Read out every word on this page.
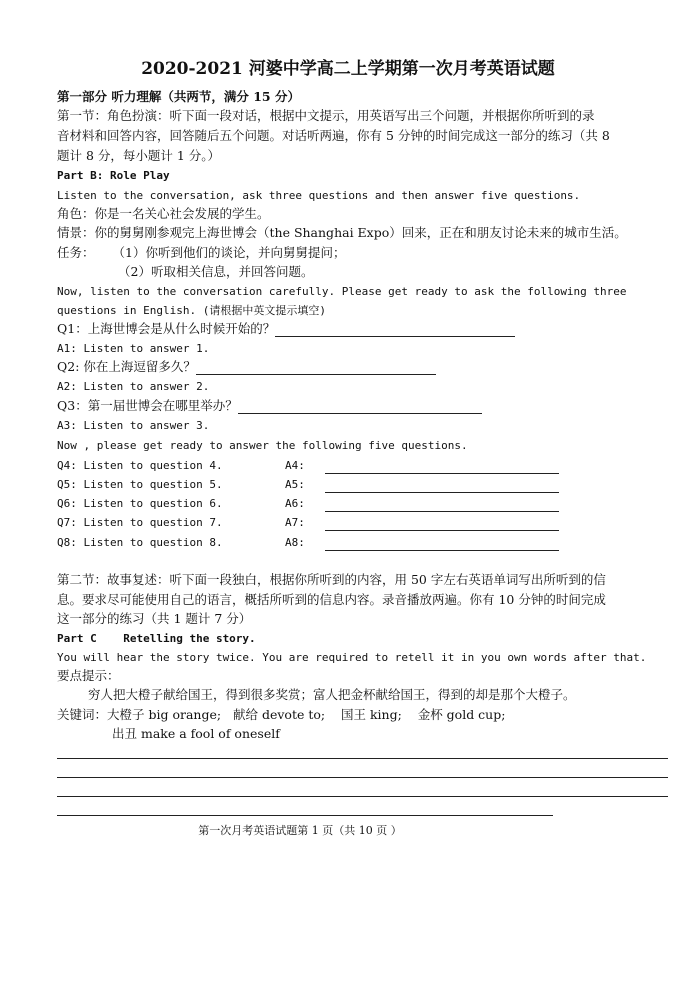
2020-2021 河婆中学高二上学期第一次月考英语试题
第一部分 听力理解（共两节，满分 15 分）
第一节：角色扮演：听下面一段对话，根据中文提示，用英语写出三个问题，并根据你所听到的录
音材料和回答内容，回答随后五个问题。对话听两遍，你有 5 分钟的时间完成这一部分的练习（共 8
题计 8 分，每小题计 1 分。）
Part B: Role Play
Listen to the conversation, ask three questions and then answer five questions.
角色：你是一名关心社会发展的学生。
情景：你的舅舅刚参观完上海世博会（the Shanghai Expo）回来，正在和朋友讨论未来的城市生活。
任务： （1）你听到他们的谈论，并向舅舅提问；
（2）听取相关信息，并回答问题。
Now, listen to the conversation carefully. Please get ready to ask the following three
questions in English. (请根据中英文提示填空)
Q1：上海世博会是从什么时候开始的？
A1: Listen to answer 1.
Q2: 你在上海逗留多久？
A2: Listen to answer 2.
Q3：第一届世博会在哪里举办？
A3: Listen to answer 3.
Now , please get ready to answer the following five questions.
Q4: Listen to question 4.	A4:
Q5: Listen to question 5.	A5:
Q6: Listen to question 6.	A6:
Q7: Listen to question 7.	A7:
Q8: Listen to question 8.	A8:
第二节：故事复述：听下面一段独白，根据你所听到的内容，用 50 字左右英语单词写出所听到的信
息。要求尽可能使用自己的语言，概括所听到的信息内容。录音播放两遍。你有 10 分钟的时间完成
这一部分的练习（共 1 题计 7 分）
Part C    Retelling the story.
You will hear the story twice. You are required to retell it in you own words after that.
要点提示：
穷人把大橙子献给国王，得到很多奖赏；富人把金杯献给国王，得到的却是那个大橙子。
关键词：大橙子 big orange;   献给 devote to;    国王 king;    金杯 gold cup;
出丑 make a fool of oneself
第一次月考英语试题第 1 页（共 10 页 ）
